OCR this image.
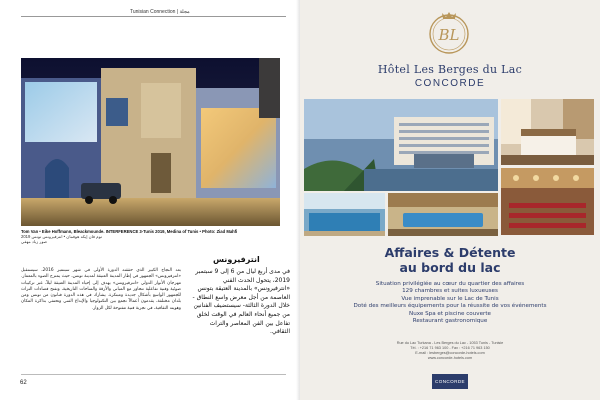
Tunisian Connection | مجلة
Tom Van • Eike Hoffmann, Bleackmounde. INTERFERENCE 3-Tunis 2019, Medina of Tunis • Photo: Ziad Mahfi
توم فان إيكه هوفمان • انترفيرونس تونس 2019
صور زياد مهفي
انترفيرونس
في مدى أربع ليال من 6 إلى 9 سبتمبر 2019، يتحول الحدث الفني «انترفيرونس» بالمدينة العتيقة بتونس العاصمة من أجل معرض واسع النطاق - خلال الدورة الثالثة- سيستضيف الفنانين من جميع أنحاء العالم في الوقت لخلق تفاعل بين الفن المعاصر والتراث الثقافي.
بعد النجاح الكبير الذي حققته الدورة الأولى في شهر سبتمبر 2016، سيستقبل «انترفيرونس» الجمهور في إطار المدينة العتيقة لمدينة تونس، حيث يمتزج الضوء بالمعمار. مهرجان الأنوار الدولي «انترفيرونس» يهدف إلى إحياء المدينة العتيقة ليلاً، عبر تركيبات ضوئية وفنية تفاعلية تتحاور مع المباني والأزقة والساحات التاريخية، وتفتح فضاءات التراث للجمهور الواسع بأشكال جديدة ومبتكرة. يشارك في هذه الدورة فنانون من تونس ومن بلدان مختلفة، يقدمون أعمالاً تجمع بين التكنولوجيا والإبداع الفني وتحتفي بذاكرة المكان وهويته الثقافية، في تجربة فنية مفتوحة لكل الزوار.
62
BL
Hôtel Les Berges du Lac
CONCORDE
Affaires & Détente
au bord du lac
Situation privilégiée au cœur du quartier des affaires
129 chambres et suites luxueuses
Vue imprenable sur le Lac de Tunis
Doté des meilleurs équipements pour la réussite de vos événements
Nuxe Spa et piscine couverte
Restaurant gastronomique
Rue du Lac Turkana - Les Berges du Lac - 1053 Tunis - Tunisie
Tél. : +216 71 963 100 - Fax : +216 71 963 150
E-mail : lesberges@concorde-hotels.com
www.concorde-hotels.com
CONCORDE
